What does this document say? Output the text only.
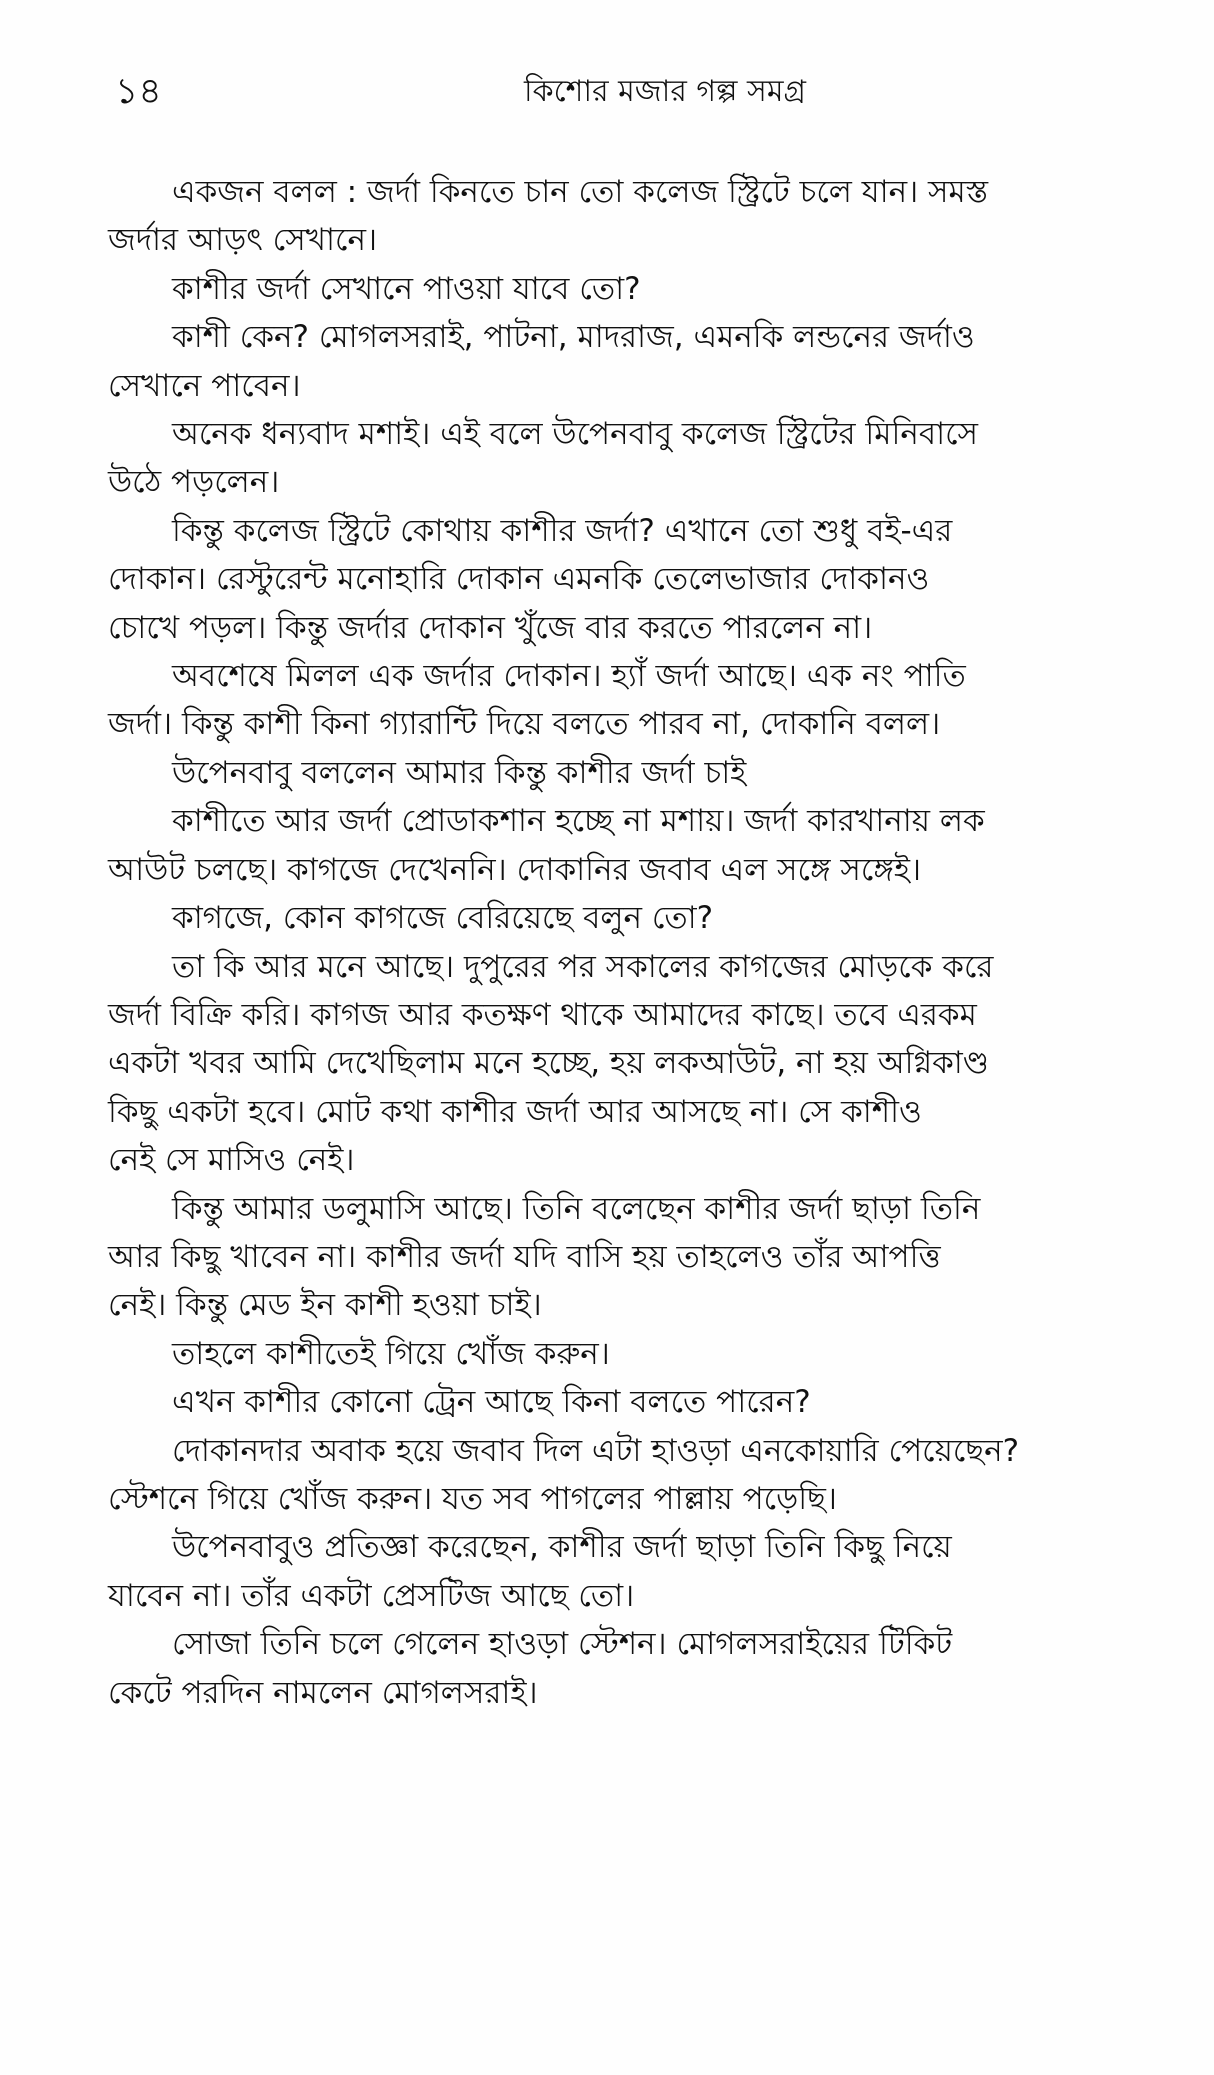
১৪	কিশোর মজার গল্প সমগ্র

একজন বলল : জর্দা কিনতে চান তো কলেজ স্ট্রিটে চলে যান। সমস্ত
জর্দার আড়ৎ সেখানে।

কাশীর জর্দা সেখানে পাওয়া যাবে তো?

কাশী কেন? মোগলসরাই, পাটনা, মাদরাজ, এমনকি লন্ডনের জর্দাও
সেখানে পাবেন।

অনেক ধন্যবাদ মশাই। এই বলে উপেনবাবু কলেজ স্ট্রিটের মিনিবাসে
উঠে পড়লেন।

কিন্তু কলেজ স্ট্রিটে কোথায় কাশীর জর্দা? এখানে তো শুধু বই-এর
দোকান। রেস্টুরেন্ট মনোহারি দোকান এমনকি তেলেভাজার দোকানও
চোখে পড়ল। কিন্তু জর্দার দোকান খুঁজে বার করতে পারলেন না।

অবশেষে মিলল এক জর্দার দোকান। হ্যাঁ জর্দা আছে। এক নং পাতি
জর্দা। কিন্তু কাশী কিনা গ্যারান্টি দিয়ে বলতে পারব না, দোকানি বলল।

উপেনবাবু বললেন আমার কিন্তু কাশীর জর্দা চাই

কাশীতে আর জর্দা প্রোডাকশান হচ্ছে না মশায়। জর্দা কারখানায় লক
আউট চলছে। কাগজে দেখেননি। দোকানির জবাব এল সঙ্গে সঙ্গেই।

কাগজে, কোন কাগজে বেরিয়েছে বলুন তো?

তা কি আর মনে আছে। দুপুরের পর সকালের কাগজের মোড়কে করে
জর্দা বিক্রি করি। কাগজ আর কতক্ষণ থাকে আমাদের কাছে। তবে এরকম
একটা খবর আমি দেখেছিলাম মনে হচ্ছে, হয় লকআউট, না হয় অগ্নিকাণ্ড
কিছু একটা হবে। মোট কথা কাশীর জর্দা আর আসছে না। সে কাশীও
নেই সে মাসিও নেই।

কিন্তু আমার ডলুমাসি আছে। তিনি বলেছেন কাশীর জর্দা ছাড়া তিনি
আর কিছু খাবেন না। কাশীর জর্দা যদি বাসি হয় তাহলেও তাঁর আপত্তি
নেই। কিন্তু মেড ইন কাশী হওয়া চাই।

তাহলে কাশীতেই গিয়ে খোঁজ করুন।

এখন কাশীর কোনো ট্রেন আছে কিনা বলতে পারেন?

দোকানদার অবাক হয়ে জবাব দিল এটা হাওড়া এনকোয়ারি পেয়েছেন?
স্টেশনে গিয়ে খোঁজ করুন। যত সব পাগলের পাল্লায় পড়েছি।

উপেনবাবুও প্রতিজ্ঞা করেছেন, কাশীর জর্দা ছাড়া তিনি কিছু নিয়ে
যাবেন না। তাঁর একটা প্রেসটিজ আছে তো।

সোজা তিনি চলে গেলেন হাওড়া স্টেশন। মোগলসরাইয়ের টিকিট
কেটে পরদিন নামলেন মোগলসরাই।
